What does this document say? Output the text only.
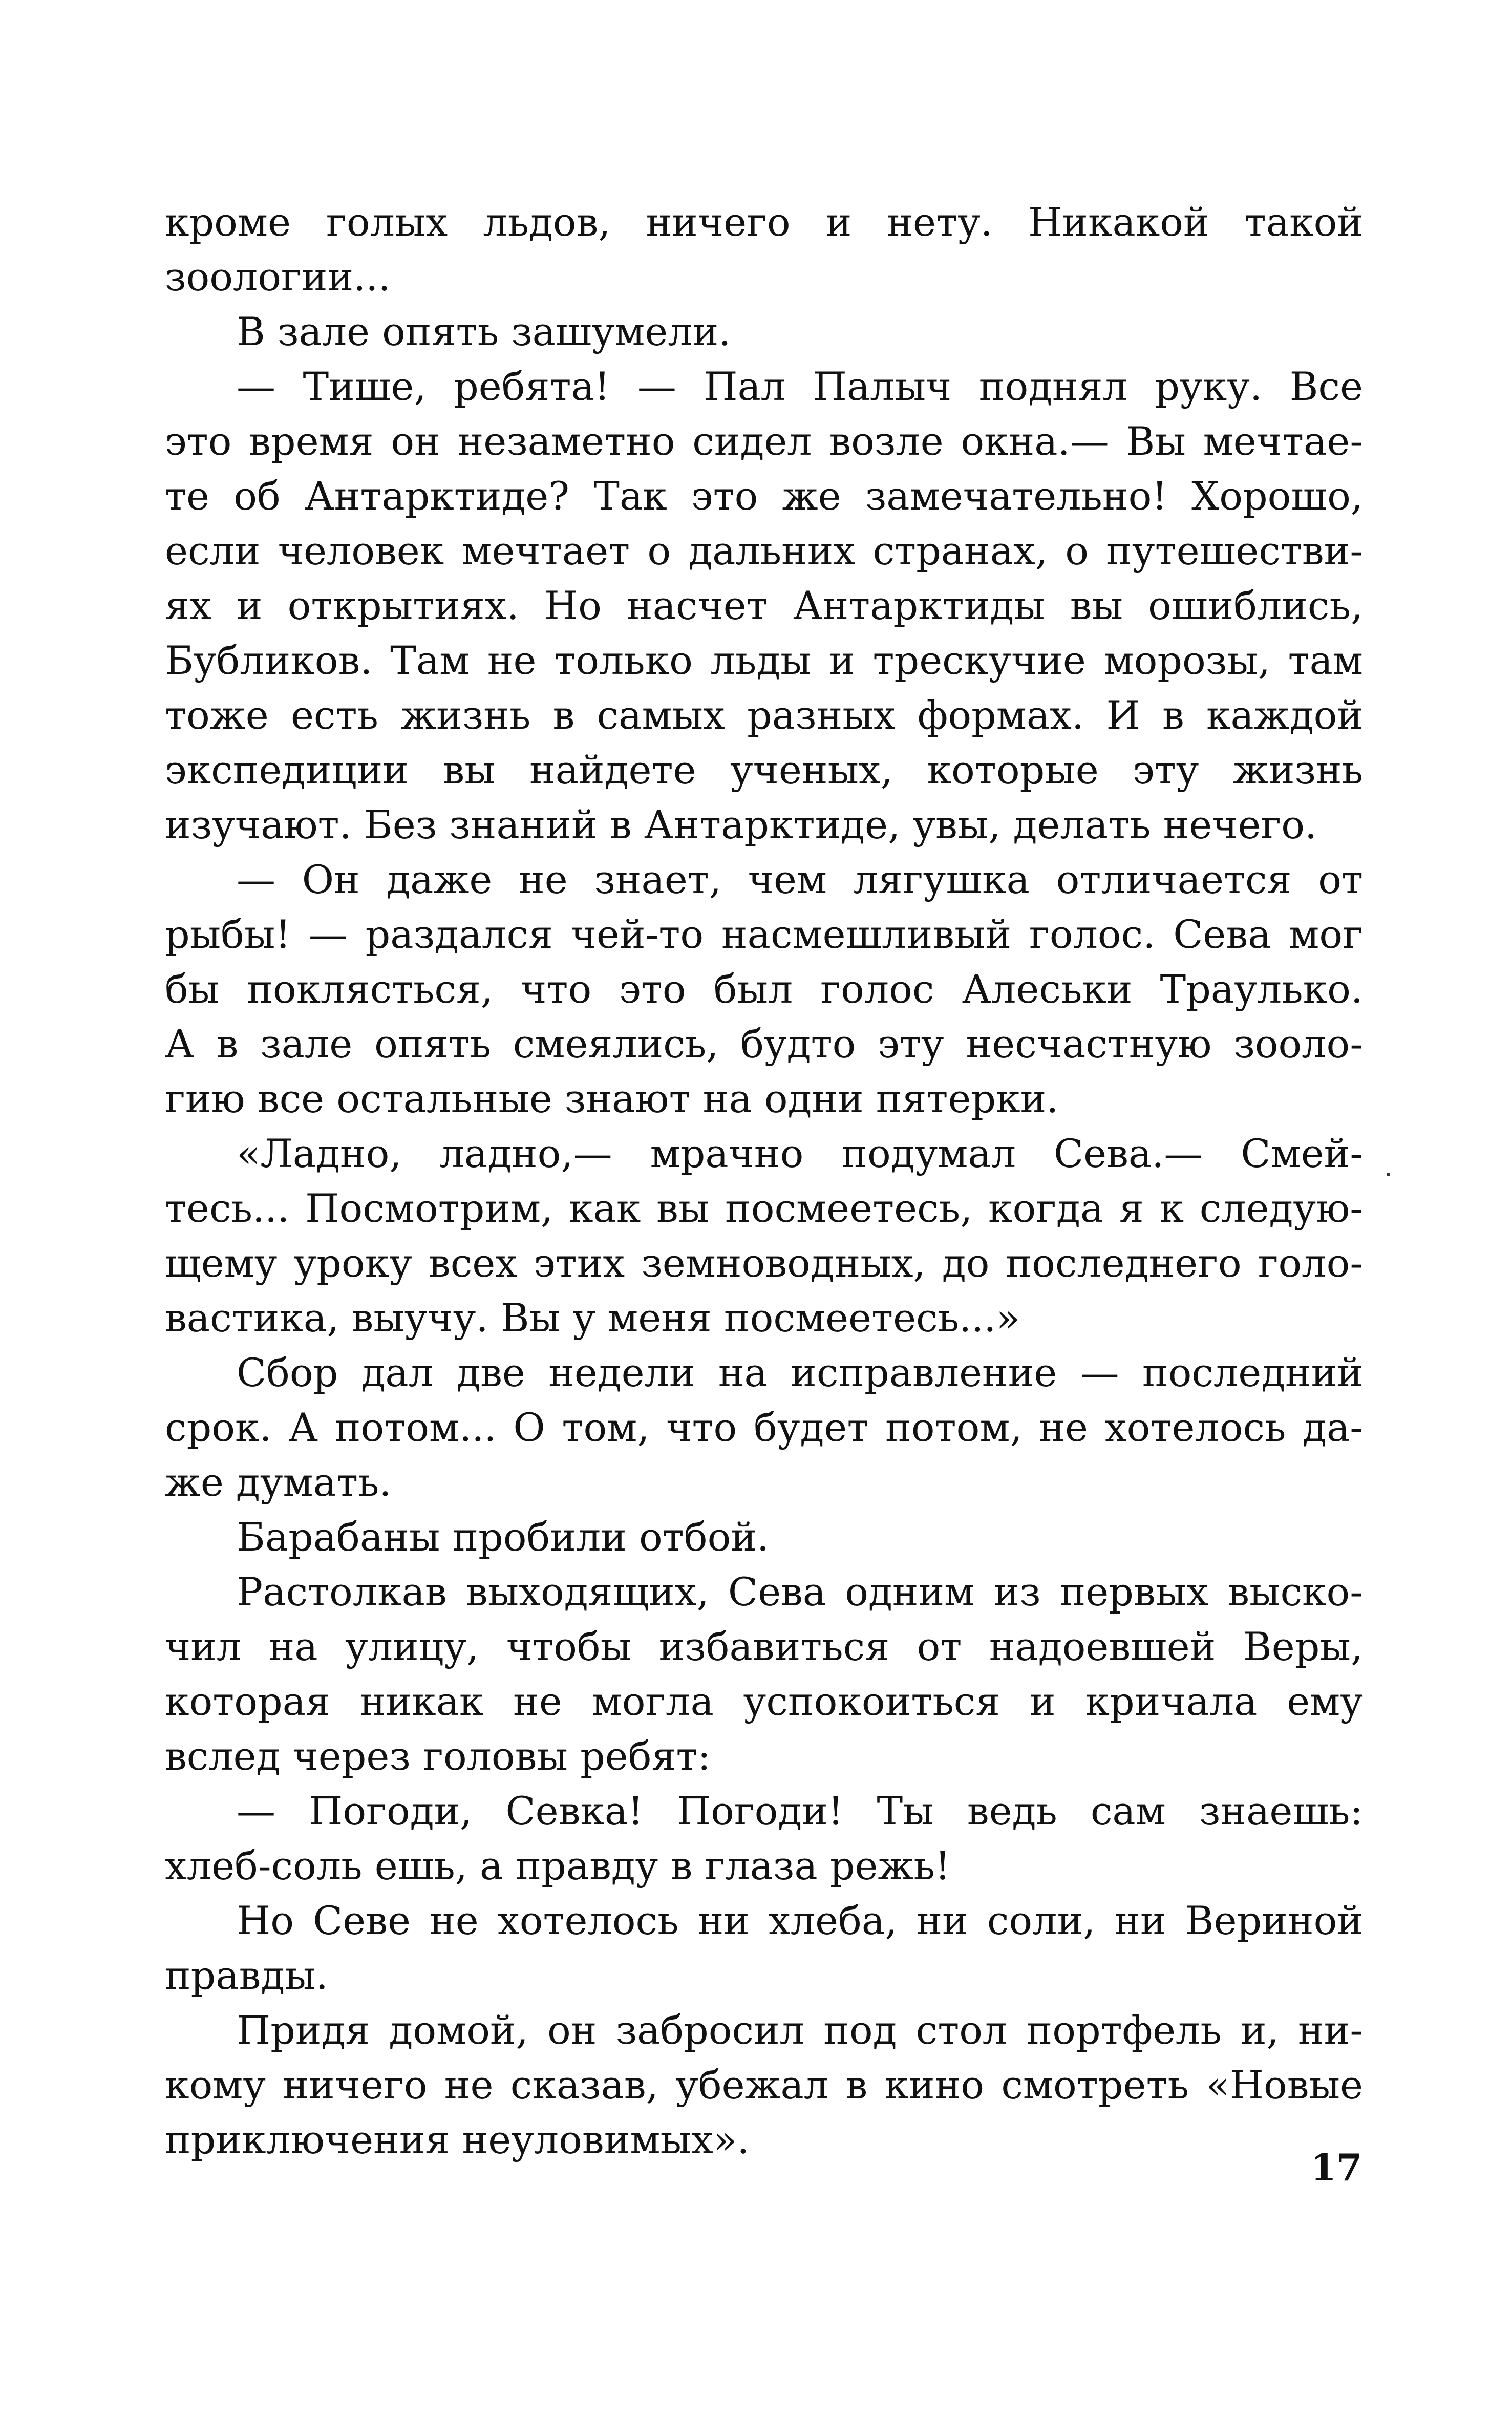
кроме голых льдов, ничего и нету. Никакой такой
зоологии...
В зале опять зашумели.
— Тише, ребята! — Пал Палыч поднял руку. Все
это время он незаметно сидел возле окна.— Вы мечтае-
те об Антарктиде? Так это же замечательно! Хорошо,
если человек мечтает о дальних странах, о путешестви-
ях и открытиях. Но насчет Антарктиды вы ошиблись,
Бубликов. Там не только льды и трескучие морозы, там
тоже есть жизнь в самых разных формах. И в каждой
экспедиции вы найдете ученых, которые эту жизнь
изучают. Без знаний в Антарктиде, увы, делать нечего.
— Он даже не знает, чем лягушка отличается от
рыбы! — раздался чей-то насмешливый голос. Сева мог
бы поклясться, что это был голос Алеськи Траулько.
А в зале опять смеялись, будто эту несчастную зооло-
гию все остальные знают на одни пятерки.
«Ладно, ладно,— мрачно подумал Сева.— Смей-
тесь... Посмотрим, как вы посмеетесь, когда я к следую-
щему уроку всех этих земноводных, до последнего голо-
вастика, выучу. Вы у меня посмеетесь...»
Сбор дал две недели на исправление — последний
срок. А потом... О том, что будет потом, не хотелось да-
же думать.
Барабаны пробили отбой.
Растолкав выходящих, Сева одним из первых выско-
чил на улицу, чтобы избавиться от надоевшей Веры,
которая никак не могла успокоиться и кричала ему
вслед через головы ребят:
— Погоди, Севка! Погоди! Ты ведь сам знаешь:
хлеб-соль ешь, а правду в глаза режь!
Но Севе не хотелось ни хлеба, ни соли, ни Вериной
правды.
Придя домой, он забросил под стол портфель и, ни-
кому ничего не сказав, убежал в кино смотреть «Новые
приключения неуловимых».
17
